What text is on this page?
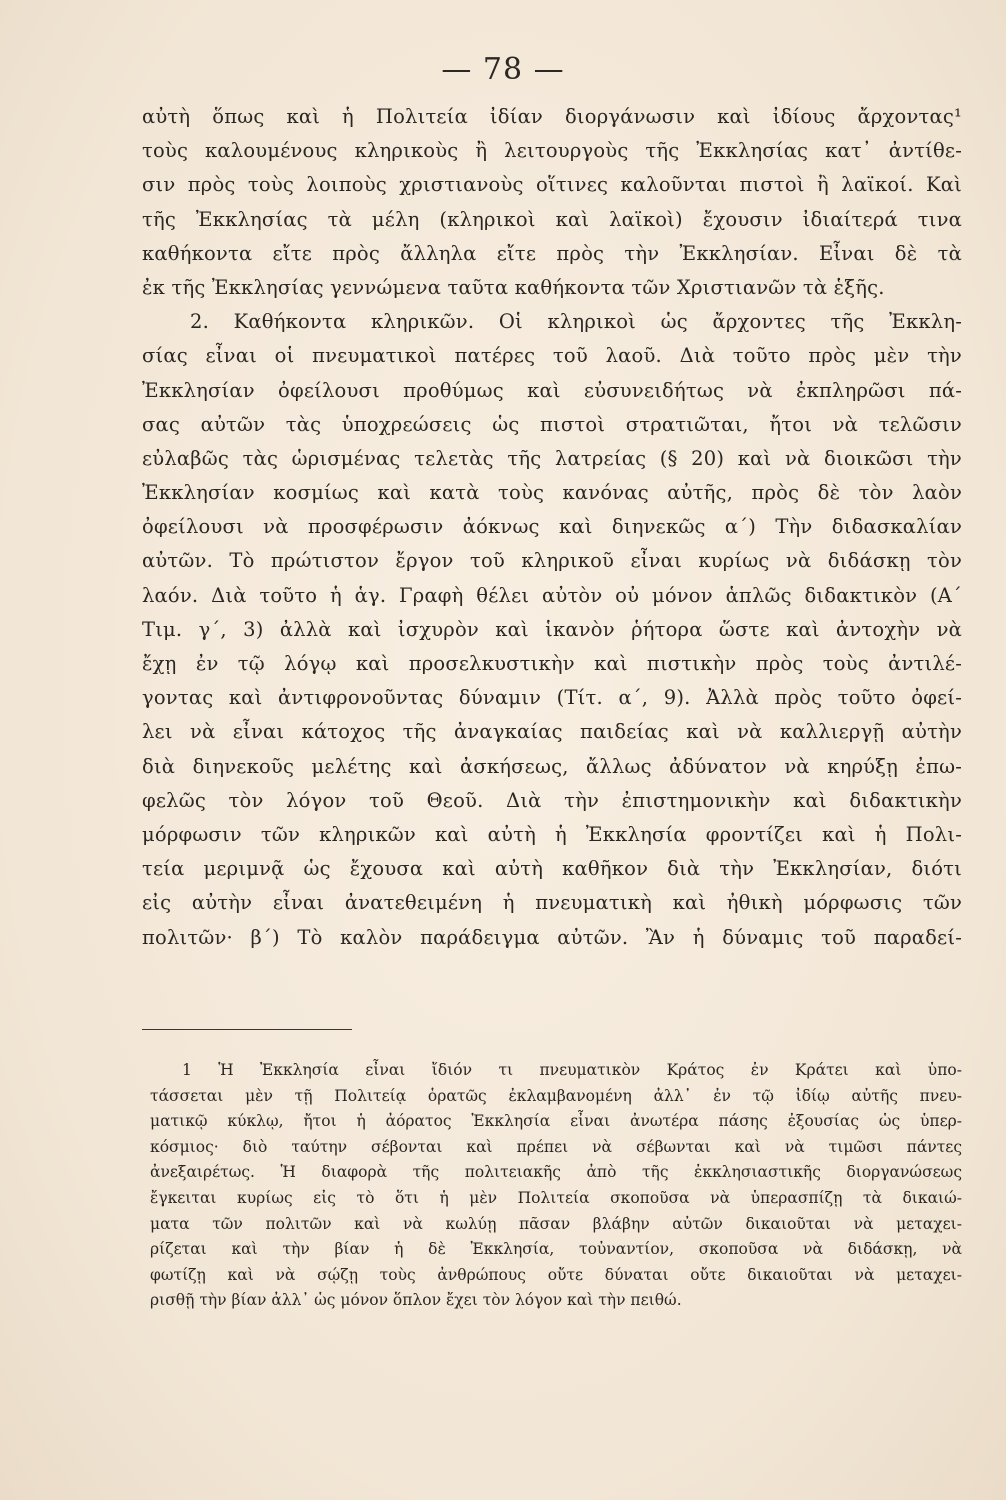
— 78 —
αὐτὴ ὅπως καὶ ἡ Πολιτεία ἰδίαν διοργάνωσιν καὶ ἰδίους ἄρχοντας¹
τοὺς καλουμένους κληρικοὺς ἢ λειτουργοὺς τῆς Ἐκκλησίας κατ᾽ ἀντίθε-
σιν πρὸς τοὺς λοιποὺς χριστιανοὺς οἵτινες καλοῦνται πιστοὶ ἢ λαϊκοί. Καὶ
τῆς Ἐκκλησίας τὰ μέλη (κληρικοὶ καὶ λαϊκοὶ) ἔχουσιν ἰδιαίτερά τινα
καθήκοντα εἴτε πρὸς ἄλληλα εἴτε πρὸς τὴν Ἐκκλησίαν. Εἶναι δὲ τὰ
ἐκ τῆς Ἐκκλησίας γεννώμενα ταῦτα καθήκοντα τῶν Χριστιανῶν τὰ ἑξῆς.
2. Καθήκοντα κληρικῶν. Οἱ κληρικοὶ ὡς ἄρχοντες τῆς Ἐκκλη-
σίας εἶναι οἱ πνευματικοὶ πατέρες τοῦ λαοῦ. Διὰ τοῦτο πρὸς μὲν τὴν
Ἐκκλησίαν ὀφείλουσι προθύμως καὶ εὐσυνειδήτως νὰ ἐκπληρῶσι πά-
σας αὐτῶν τὰς ὑποχρεώσεις ὡς πιστοὶ στρατιῶται, ἤτοι νὰ τελῶσιν
εὐλαβῶς τὰς ὡρισμένας τελετὰς τῆς λατρείας (§ 20) καὶ νὰ διοικῶσι τὴν
Ἐκκλησίαν κοσμίως καὶ κατὰ τοὺς κανόνας αὐτῆς, πρὸς δὲ τὸν λαὸν
ὀφείλουσι νὰ προσφέρωσιν ἀόκνως καὶ διηνεκῶς α΄) Τὴν διδασκαλίαν
αὐτῶν. Τὸ πρώτιστον ἔργον τοῦ κληρικοῦ εἶναι κυρίως νὰ διδάσκῃ τὸν
λαόν. Διὰ τοῦτο ἡ ἁγ. Γραφὴ θέλει αὐτὸν οὐ μόνον ἁπλῶς διδακτικὸν (Α΄
Τιμ. γ΄, 3) ἀλλὰ καὶ ἰσχυρὸν καὶ ἱκανὸν ῥήτορα ὥστε καὶ ἀντοχὴν νὰ
ἔχῃ ἐν τῷ λόγῳ καὶ προσελκυστικὴν καὶ πιστικὴν πρὸς τοὺς ἀντιλέ-
γοντας καὶ ἀντιφρονοῦντας δύναμιν (Τίτ. α΄, 9). Ἀλλὰ πρὸς τοῦτο ὀφεί-
λει νὰ εἶναι κάτοχος τῆς ἀναγκαίας παιδείας καὶ νὰ καλλιεργῇ αὐτὴν
διὰ διηνεκοῦς μελέτης καὶ ἀσκήσεως, ἄλλως ἀδύνατον νὰ κηρύξῃ ἐπω-
φελῶς τὸν λόγον τοῦ Θεοῦ. Διὰ τὴν ἐπιστημονικὴν καὶ διδακτικὴν
μόρφωσιν τῶν κληρικῶν καὶ αὐτὴ ἡ Ἐκκλησία φροντίζει καὶ ἡ Πολι-
τεία μεριμνᾷ ὡς ἔχουσα καὶ αὐτὴ καθῆκον διὰ τὴν Ἐκκλησίαν, διότι
εἰς αὐτὴν εἶναι ἀνατεθειμένη ἡ πνευματικὴ καὶ ἠθικὴ μόρφωσις τῶν
πολιτῶν· β΄) Τὸ καλὸν παράδειγμα αὐτῶν. Ἂν ἡ δύναμις τοῦ παραδεί-
1 Ἡ Ἐκκλησία εἶναι ἴδιόν τι πνευματικὸν Κράτος ἐν Κράτει καὶ ὑπο-
τάσσεται μὲν τῇ Πολιτείᾳ ὁρατῶς ἐκλαμβανομένη ἀλλ᾽ ἐν τῷ ἰδίῳ αὐτῆς πνευ-
ματικῷ κύκλῳ, ἤτοι ἡ ἀόρατος Ἐκκλησία εἶναι ἀνωτέρα πάσης ἐξουσίας ὡς ὑπερ-
κόσμιος· διὸ ταύτην σέβονται καὶ πρέπει νὰ σέβωνται καὶ νὰ τιμῶσι πάντες
ἀνεξαιρέτως. Ἡ διαφορὰ τῆς πολιτειακῆς ἀπὸ τῆς ἐκκλησιαστικῆς διοργανώσεως
ἔγκειται κυρίως εἰς τὸ ὅτι ἡ μὲν Πολιτεία σκοποῦσα νὰ ὑπερασπίζῃ τὰ δικαιώ-
ματα τῶν πολιτῶν καὶ νὰ κωλύῃ πᾶσαν βλάβην αὐτῶν δικαιοῦται νὰ μεταχει-
ρίζεται καὶ τὴν βίαν ἡ δὲ Ἐκκλησία, τοὐναντίον, σκοποῦσα νὰ διδάσκῃ, νὰ
φωτίζῃ καὶ νὰ σῴζῃ τοὺς ἀνθρώπους οὔτε δύναται οὔτε δικαιοῦται νὰ μεταχει-
ρισθῇ τὴν βίαν ἀλλ᾽ ὡς μόνον ὅπλον ἔχει τὸν λόγον καὶ τὴν πειθώ.
